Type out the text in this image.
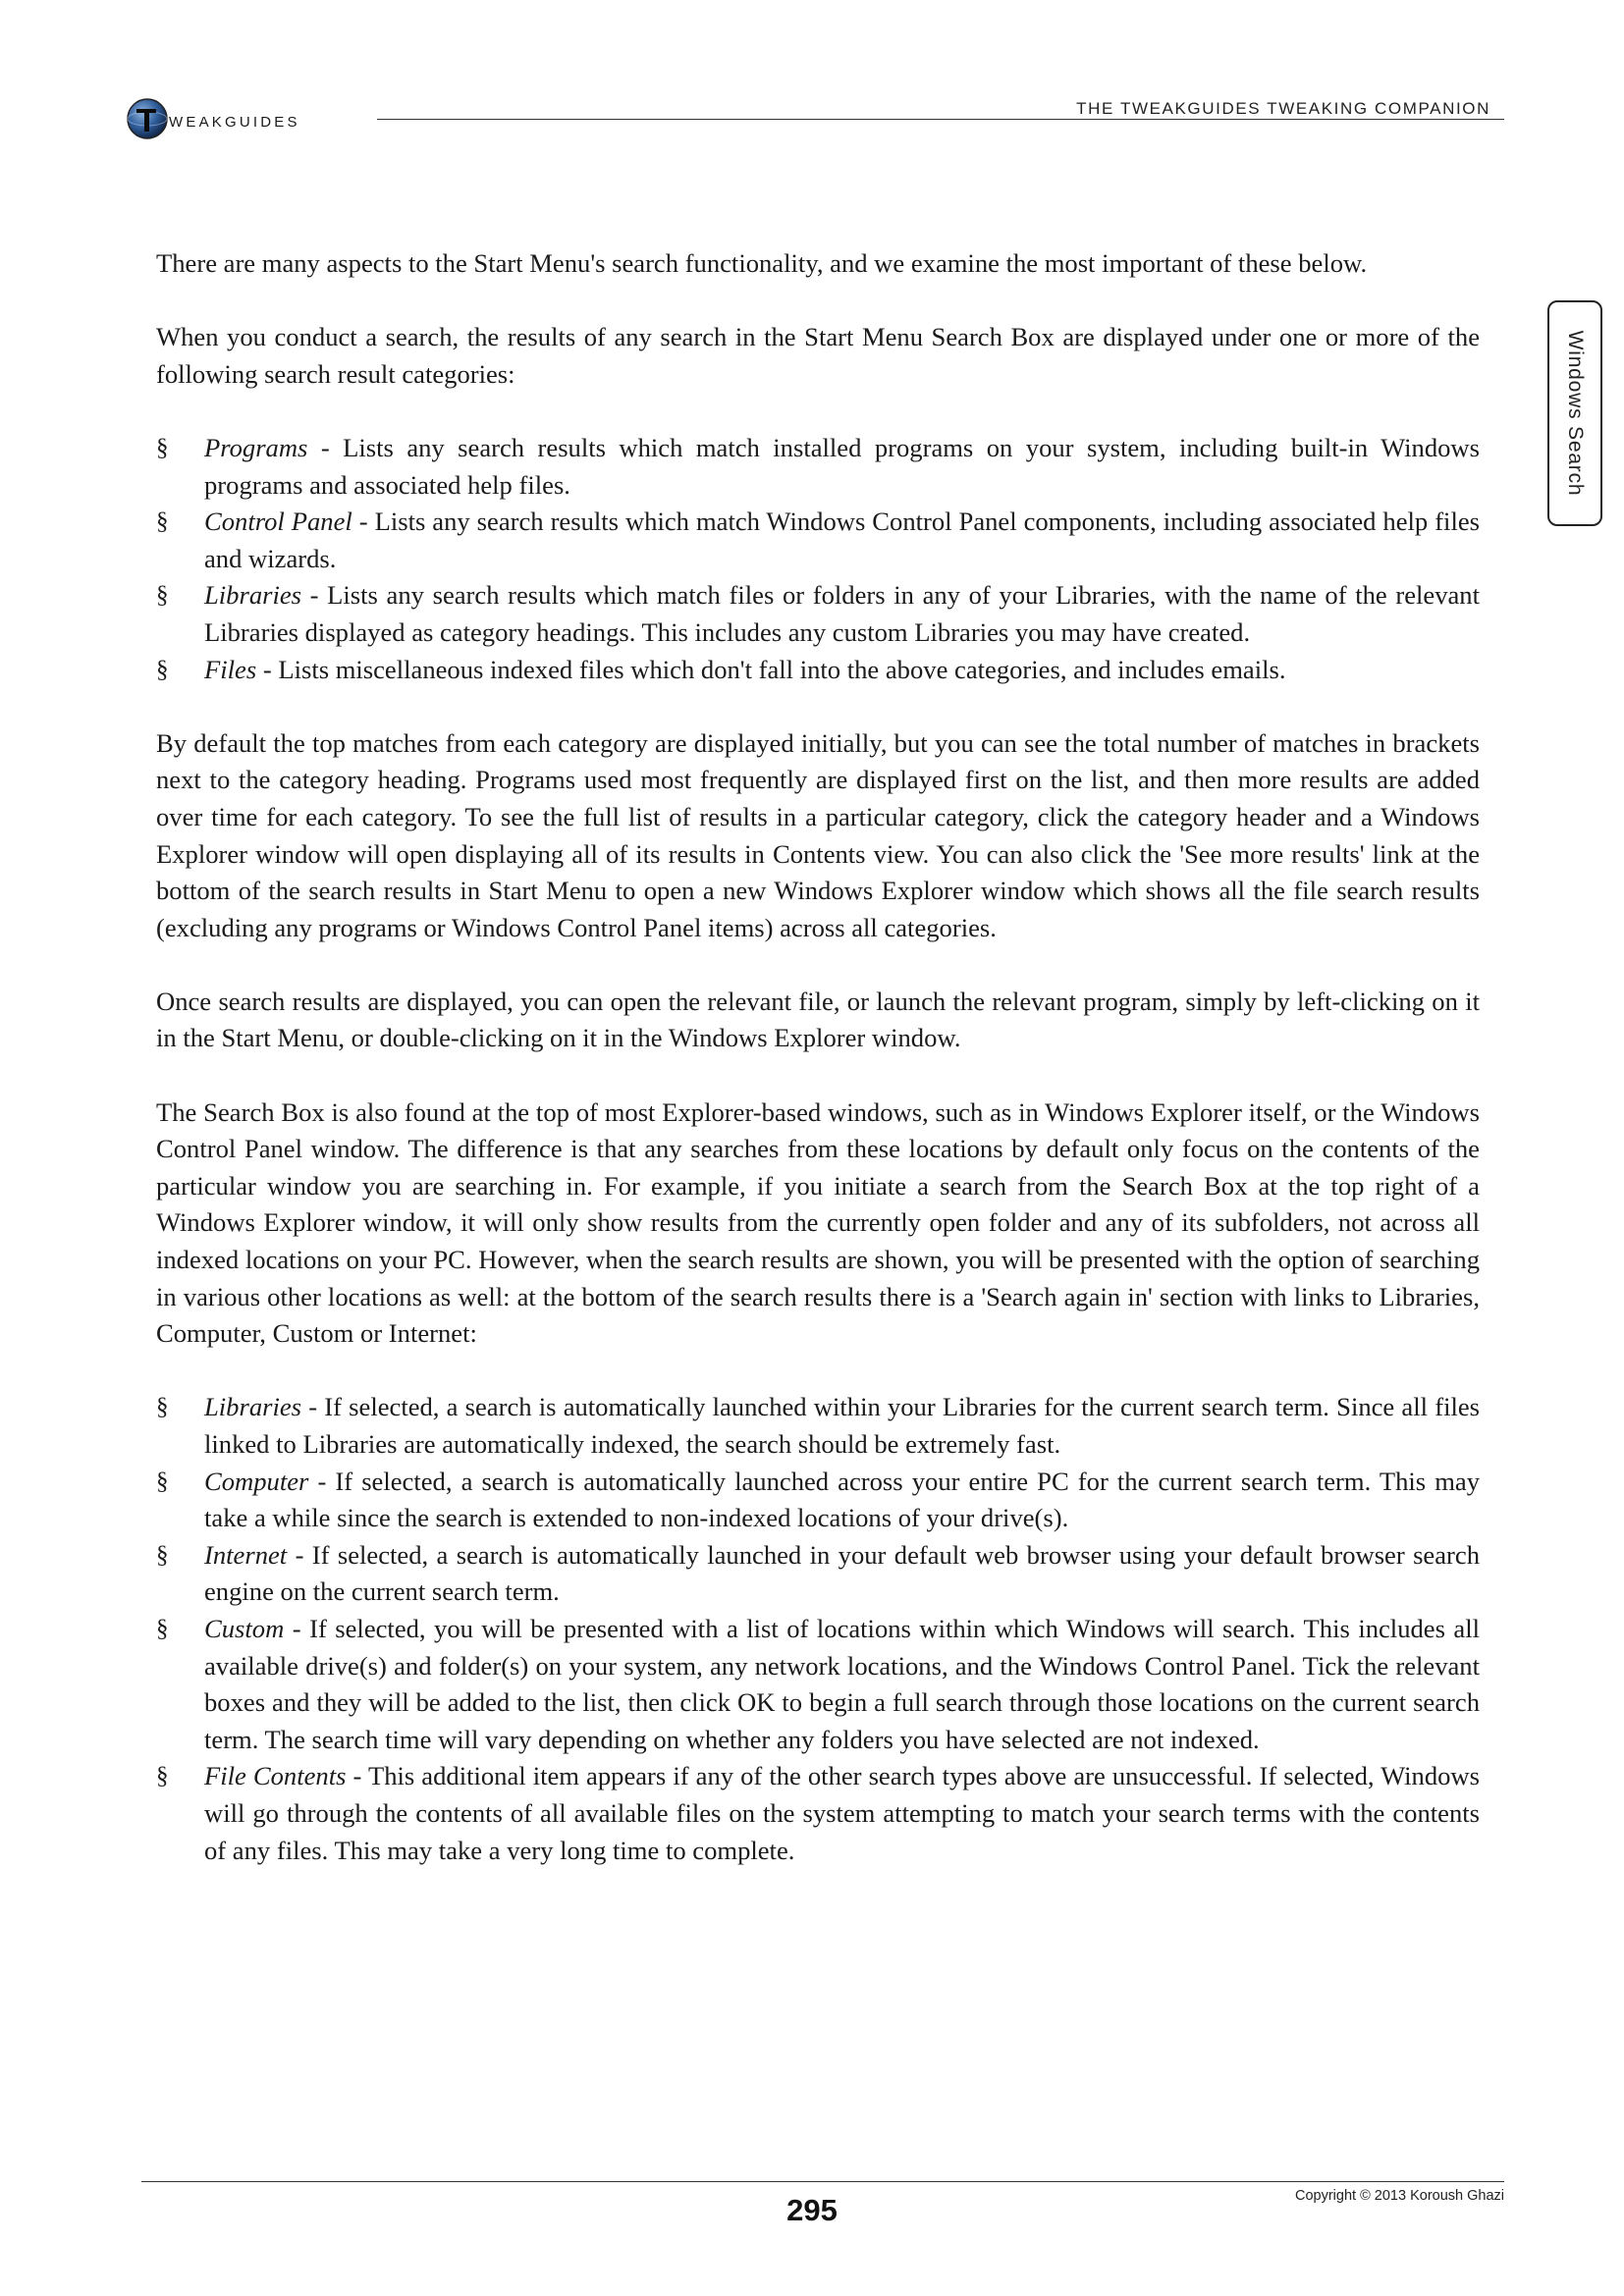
WEAKGUIDES
THE TWEAKGUIDES TWEAKING COMPANION
Windows Search

There are many aspects to the Start Menu's search functionality, and we examine the most important of these below.

When you conduct a search, the results of any search in the Start Menu Search Box are displayed under one or more of the following search result categories:

§ Programs - Lists any search results which match installed programs on your system, including built-in Windows programs and associated help files.
§ Control Panel - Lists any search results which match Windows Control Panel components, including associated help files and wizards.
§ Libraries - Lists any search results which match files or folders in any of your Libraries, with the name of the relevant Libraries displayed as category headings. This includes any custom Libraries you may have created.
§ Files - Lists miscellaneous indexed files which don't fall into the above categories, and includes emails.

By default the top matches from each category are displayed initially, but you can see the total number of matches in brackets next to the category heading. Programs used most frequently are displayed first on the list, and then more results are added over time for each category. To see the full list of results in a particular category, click the category header and a Windows Explorer window will open displaying all of its results in Contents view. You can also click the 'See more results' link at the bottom of the search results in Start Menu to open a new Windows Explorer window which shows all the file search results (excluding any programs or Windows Control Panel items) across all categories.

Once search results are displayed, you can open the relevant file, or launch the relevant program, simply by left-clicking on it in the Start Menu, or double-clicking on it in the Windows Explorer window.

The Search Box is also found at the top of most Explorer-based windows, such as in Windows Explorer itself, or the Windows Control Panel window. The difference is that any searches from these locations by default only focus on the contents of the particular window you are searching in. For example, if you initiate a search from the Search Box at the top right of a Windows Explorer window, it will only show results from the currently open folder and any of its subfolders, not across all indexed locations on your PC. However, when the search results are shown, you will be presented with the option of searching in various other locations as well: at the bottom of the search results there is a 'Search again in' section with links to Libraries, Computer, Custom or Internet:

§ Libraries - If selected, a search is automatically launched within your Libraries for the current search term. Since all files linked to Libraries are automatically indexed, the search should be extremely fast.
§ Computer - If selected, a search is automatically launched across your entire PC for the current search term. This may take a while since the search is extended to non-indexed locations of your drive(s).
§ Internet - If selected, a search is automatically launched in your default web browser using your default browser search engine on the current search term.
§ Custom - If selected, you will be presented with a list of locations within which Windows will search. This includes all available drive(s) and folder(s) on your system, any network locations, and the Windows Control Panel. Tick the relevant boxes and they will be added to the list, then click OK to begin a full search through those locations on the current search term. The search time will vary depending on whether any folders you have selected are not indexed.
§ File Contents - This additional item appears if any of the other search types above are unsuccessful. If selected, Windows will go through the contents of all available files on the system attempting to match your search terms with the contents of any files. This may take a very long time to complete.
295	Copyright © 2013 Koroush Ghazi
